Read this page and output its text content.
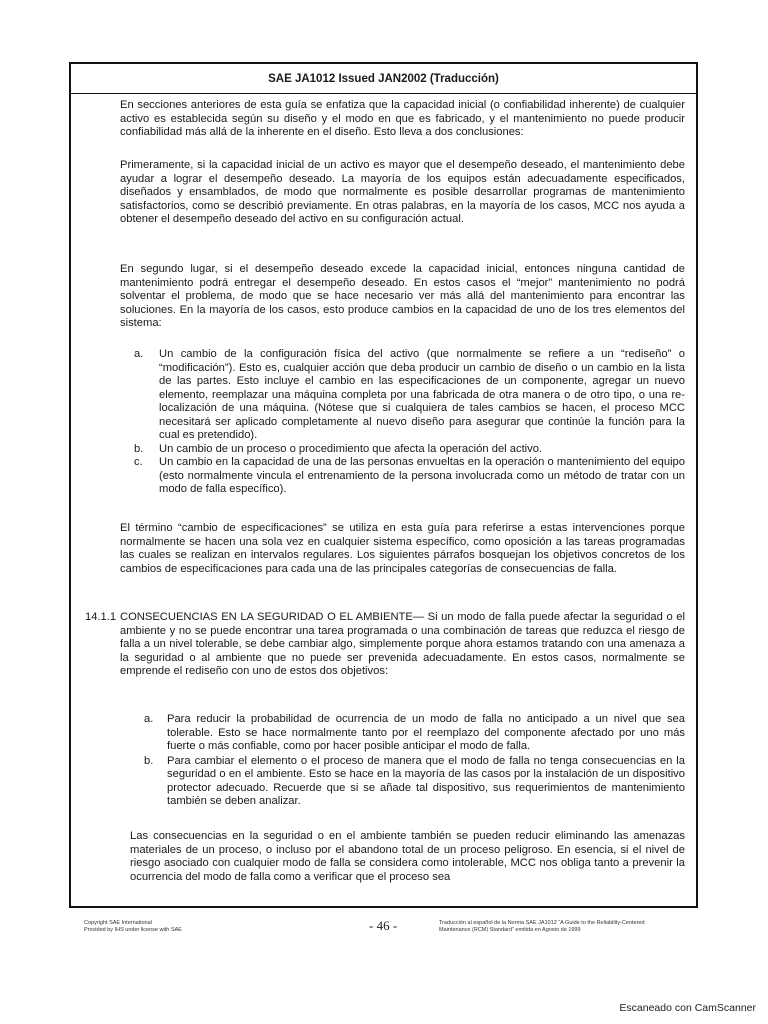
SAE JA1012 Issued JAN2002 (Traducción)

En secciones anteriores de esta guía se enfatiza que la capacidad inicial (o confiabilidad inherente) de cualquier activo es establecida según su diseño y el modo en que es fabricado, y el mantenimiento no puede producir confiabilidad más allá de la inherente en el diseño. Esto lleva a dos conclusiones:

Primeramente, si la capacidad inicial de un activo es mayor que el desempeño deseado, el mantenimiento debe ayudar a lograr el desempeño deseado. La mayoría de los equipos están adecuadamente especificados, diseñados y ensamblados, de modo que normalmente es posible desarrollar programas de mantenimiento satisfactorios, como se describió previamente. En otras palabras, en la mayoría de los casos, MCC nos ayuda a obtener el desempeño deseado del activo en su configuración actual.

En segundo lugar, si el desempeño deseado excede la capacidad inicial, entonces ninguna cantidad de mantenimiento podrá entregar el desempeño deseado. En estos casos el “mejor” mantenimiento no podrá solventar el problema, de modo que se hace necesario ver más allá del mantenimiento para encontrar las soluciones. En la mayoría de los casos, esto produce cambios en la capacidad de uno de los tres elementos del sistema:

a. Un cambio de la configuración física del activo (que normalmente se refiere a un “rediseño” o “modificación”). Esto es, cualquier acción que deba producir un cambio de diseño o un cambio en la lista de las partes. Esto incluye el cambio en las especificaciones de un componente, agregar un nuevo elemento, reemplazar una máquina completa por una fabricada de otra manera o de otro tipo, o una re-localización de una máquina. (Nótese que si cualquiera de tales cambios se hacen, el proceso MCC necesitará ser aplicado completamente al nuevo diseño para asegurar que continúe la función para la cual es pretendido).
b. Un cambio de un proceso o procedimiento que afecta la operación del activo.
c. Un cambio en la capacidad de una de las personas envueltas en la operación o mantenimiento del equipo (esto normalmente vincula el entrenamiento de la persona involucrada como un método de tratar con un modo de falla específico).

El término “cambio de especificaciones” se utiliza en esta guía para referirse a estas intervenciones porque normalmente se hacen una sola vez en cualquier sistema específico, como oposición a las tareas programadas las cuales se realizan en intervalos regulares. Los siguientes párrafos bosquejan los objetivos concretos de los cambios de especificaciones para cada una de las principales categorías de consecuencias de falla.

14.1.1 CONSECUENCIAS EN LA SEGURIDAD O EL AMBIENTE— Si un modo de falla puede afectar la seguridad o el ambiente y no se puede encontrar una tarea programada o una combinación de tareas que reduzca el riesgo de falla a un nivel tolerable, se debe cambiar algo, simplemente porque ahora estamos tratando con una amenaza a la seguridad o al ambiente que no puede ser prevenida adecuadamente. En estos casos, normalmente se emprende el rediseño con uno de estos dos objetivos:
a. Para reducir la probabilidad de ocurrencia de un modo de falla no anticipado a un nivel que sea tolerable. Esto se hace normalmente tanto por el reemplazo del componente afectado por uno más fuerte o más confiable, como por hacer posible anticipar el modo de falla.
b. Para cambiar el elemento o el proceso de manera que el modo de falla no tenga consecuencias en la seguridad o en el ambiente. Esto se hace en la mayoría de las casos por la instalación de un dispositivo protector adecuado. Recuerde que si se añade tal dispositivo, sus requerimientos de mantenimiento también se deben analizar.

Las consecuencias en la seguridad o en el ambiente también se pueden reducir eliminando las amenazas materiales de un proceso, o incluso por el abandono total de un proceso peligroso. En esencia, si el nivel de riesgo asociado con cualquier modo de falla se considera como intolerable, MCC nos obliga tanto a prevenir la ocurrencia del modo de falla como a verificar que el proceso sea

Copyright SAE International
Provided by IHS under license with SAE	- 46 -	Traducción al español de la Norma SAE JA1012 “A Guide to the Reliability-Centered
Maintenance (RCM) Standard” emitida en Agosto de 1999
Escaneado con CamScanner
